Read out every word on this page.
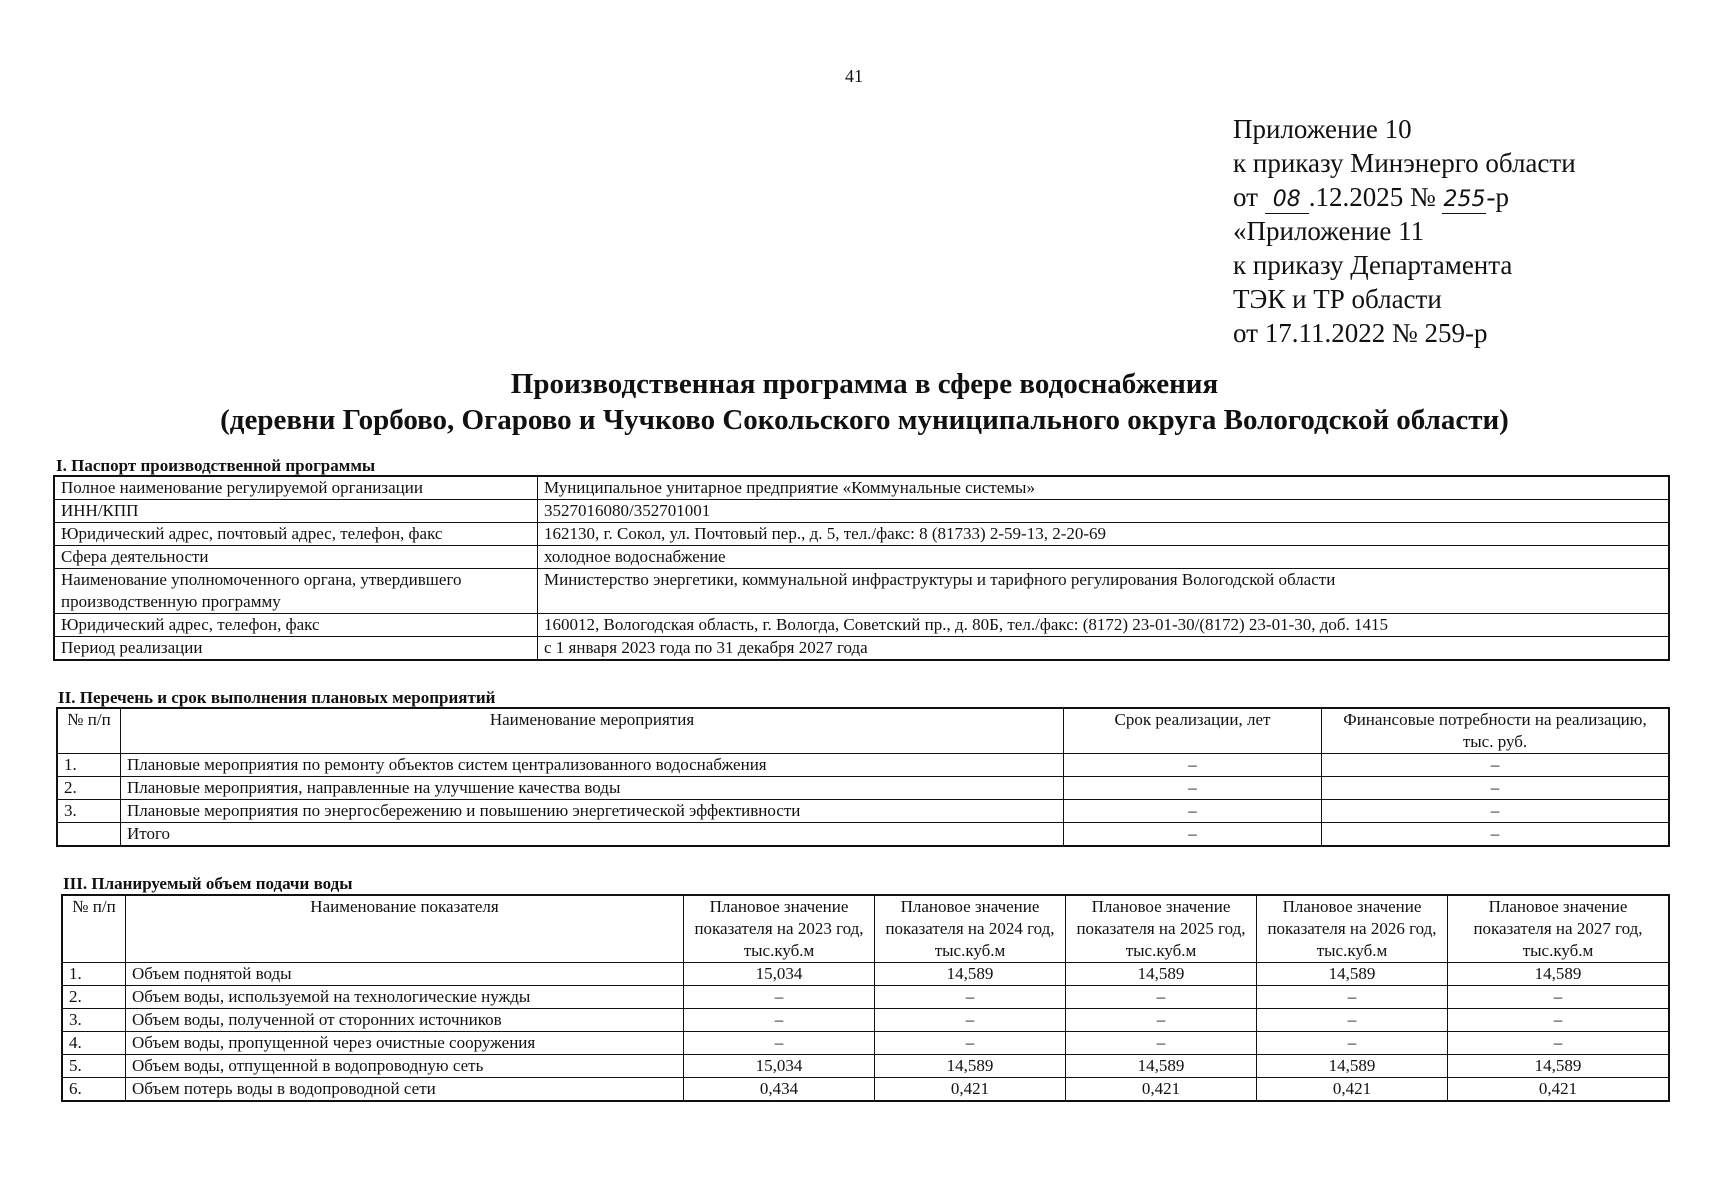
41
Приложение 10
к приказу Минэнерго области
от 08 .12.2025 № 255-р
«Приложение 11
к приказу Департамента
ТЭК и ТР области
от 17.11.2022 № 259-р
Производственная программа в сфере водоснабжения
(деревни Горбово, Огарово и Чучково Сокольского муниципального округа Вологодской области)
I. Паспорт производственной программы
Полное наименование регулируемой организации	Муниципальное унитарное предприятие «Коммунальные системы»
ИНН/КПП	3527016080/352701001
Юридический адрес, почтовый адрес, телефон, факс	162130, г. Сокол, ул. Почтовый пер., д. 5, тел./факс: 8 (81733) 2-59-13, 2-20-69
Сфера деятельности	холодное водоснабжение
Наименование уполномоченного органа, утвердившего производственную программу	Министерство энергетики, коммунальной инфраструктуры и тарифного регулирования Вологодской области
Юридический адрес, телефон, факс	160012, Вологодская область, г. Вологда, Советский пр., д. 80Б, тел./факс: (8172) 23-01-30/(8172) 23-01-30, доб. 1415
Период реализации	с 1 января 2023 года по 31 декабря 2027 года
II. Перечень и срок выполнения плановых мероприятий
№ п/п	Наименование мероприятия	Срок реализации, лет	Финансовые потребности на реализацию, тыс. руб.
1.	Плановые мероприятия по ремонту объектов систем централизованного водоснабжения	–	–
2.	Плановые мероприятия, направленные на улучшение качества воды	–	–
3.	Плановые мероприятия по энергосбережению и повышению энергетической эффективности	–	–
	Итого	–	–
III. Планируемый объем подачи воды
№ п/п	Наименование показателя	Плановое значение показателя на 2023 год, тыс.куб.м	Плановое значение показателя на 2024 год, тыс.куб.м	Плановое значение показателя на 2025 год, тыс.куб.м	Плановое значение показателя на 2026 год, тыс.куб.м	Плановое значение показателя на 2027 год, тыс.куб.м
1.	Объем поднятой воды	15,034	14,589	14,589	14,589	14,589
2.	Объем воды, используемой на технологические нужды	–	–	–	–	–
3.	Объем воды, полученной от сторонних источников	–	–	–	–	–
4.	Объем воды, пропущенной через очистные сооружения	–	–	–	–	–
5.	Объем воды, отпущенной в водопроводную сеть	15,034	14,589	14,589	14,589	14,589
6.	Объем потерь воды в водопроводной сети	0,434	0,421	0,421	0,421	0,421
